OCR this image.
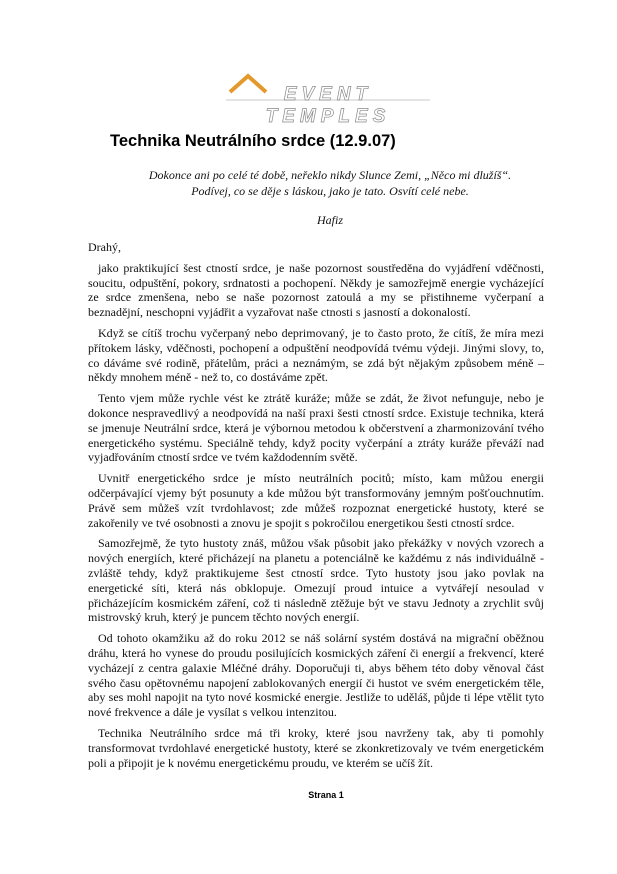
EVENT TEMPLES
Technika Neutrálního srdce (12.9.07)

Dokonce ani po celé té době, neřeklo nikdy Slunce Zemi, „Něco mi dlužíš“.
Podívej, co se děje s láskou, jako je tato. Osvítí celé nebe.

Hafiz

Drahý,

jako praktikující šest ctností srdce, je naše pozornost soustředěna do vyjádření vděčnosti, soucitu, odpuštění, pokory, srdnatosti a pochopení. Někdy je samozřejmě energie vycházející ze srdce zmenšena, nebo se naše pozornost zatoulá a my se přistihneme vyčerpaní a beznadějní, neschopni vyjádřit a vyzařovat naše ctnosti s jasností a dokonalostí.

Když se cítíš trochu vyčerpaný nebo deprimovaný, je to často proto, že cítíš, že míra mezi přítokem lásky, vděčnosti, pochopení a odpuštění neodpovídá tvému výdeji. Jinými slovy, to, co dáváme své rodině, přátelům, práci a neznámým, se zdá být nějakým způsobem méně – někdy mnohem méně - než to, co dostáváme zpět.

Tento vjem může rychle vést ke ztrátě kuráže; může se zdát, že život nefunguje, nebo je dokonce nespravedlivý a neodpovídá na naší praxi šesti ctností srdce. Existuje technika, která se jmenuje Neutrální srdce, která je výbornou metodou k občerstvení a zharmonizování tvého energetického systému. Speciálně tehdy, když pocity vyčerpání a ztráty kuráže převáží nad vyjadřováním ctností srdce ve tvém každodenním světě.

Uvnitř energetického srdce je místo neutrálních pocitů; místo, kam můžou energii odčerpávající vjemy být posunuty a kde můžou být transformovány jemným pošťouchnutím. Právě sem můžeš vzít tvrdohlavost; zde můžeš rozpoznat energetické hustoty, které se zakořenily ve tvé osobnosti a znovu je spojit s pokročilou energetikou šesti ctností srdce.

Samozřejmě, že tyto hustoty znáš, můžou však působit jako překážky v nových vzorech a nových energiích, které přicházejí na planetu a potenciálně ke každému z nás individuálně - zvláště tehdy, když praktikujeme šest ctností srdce. Tyto hustoty jsou jako povlak na energetické síti, která nás obklopuje. Omezují proud intuice a vytvářejí nesoulad v přicházejícím kosmickém záření, což ti následně ztěžuje být ve stavu Jednoty a zrychlit svůj mistrovský kruh, který je puncem těchto nových energií.

Od tohoto okamžiku až do roku 2012 se náš solární systém dostává na migrační oběžnou dráhu, která ho vynese do proudu posilujících kosmických záření či energií a frekvencí, které vycházejí z centra galaxie Mléčné dráhy. Doporučuji ti, abys během této doby věnoval část svého času opětovnému napojení zablokovaných energií či hustot ve svém energetickém těle, aby ses mohl napojit na tyto nové kosmické energie. Jestliže to uděláš, půjde ti lépe vtělit tyto nové frekvence a dále je vysílat s velkou intenzitou.

Technika Neutrálního srdce má tři kroky, které jsou navrženy tak, aby ti pomohly transformovat tvrdohlavé energetické hustoty, které se zkonkretizovaly ve tvém energetickém poli a připojit je k novému energetickému proudu, ve kterém se učíš žít.

Strana 1
